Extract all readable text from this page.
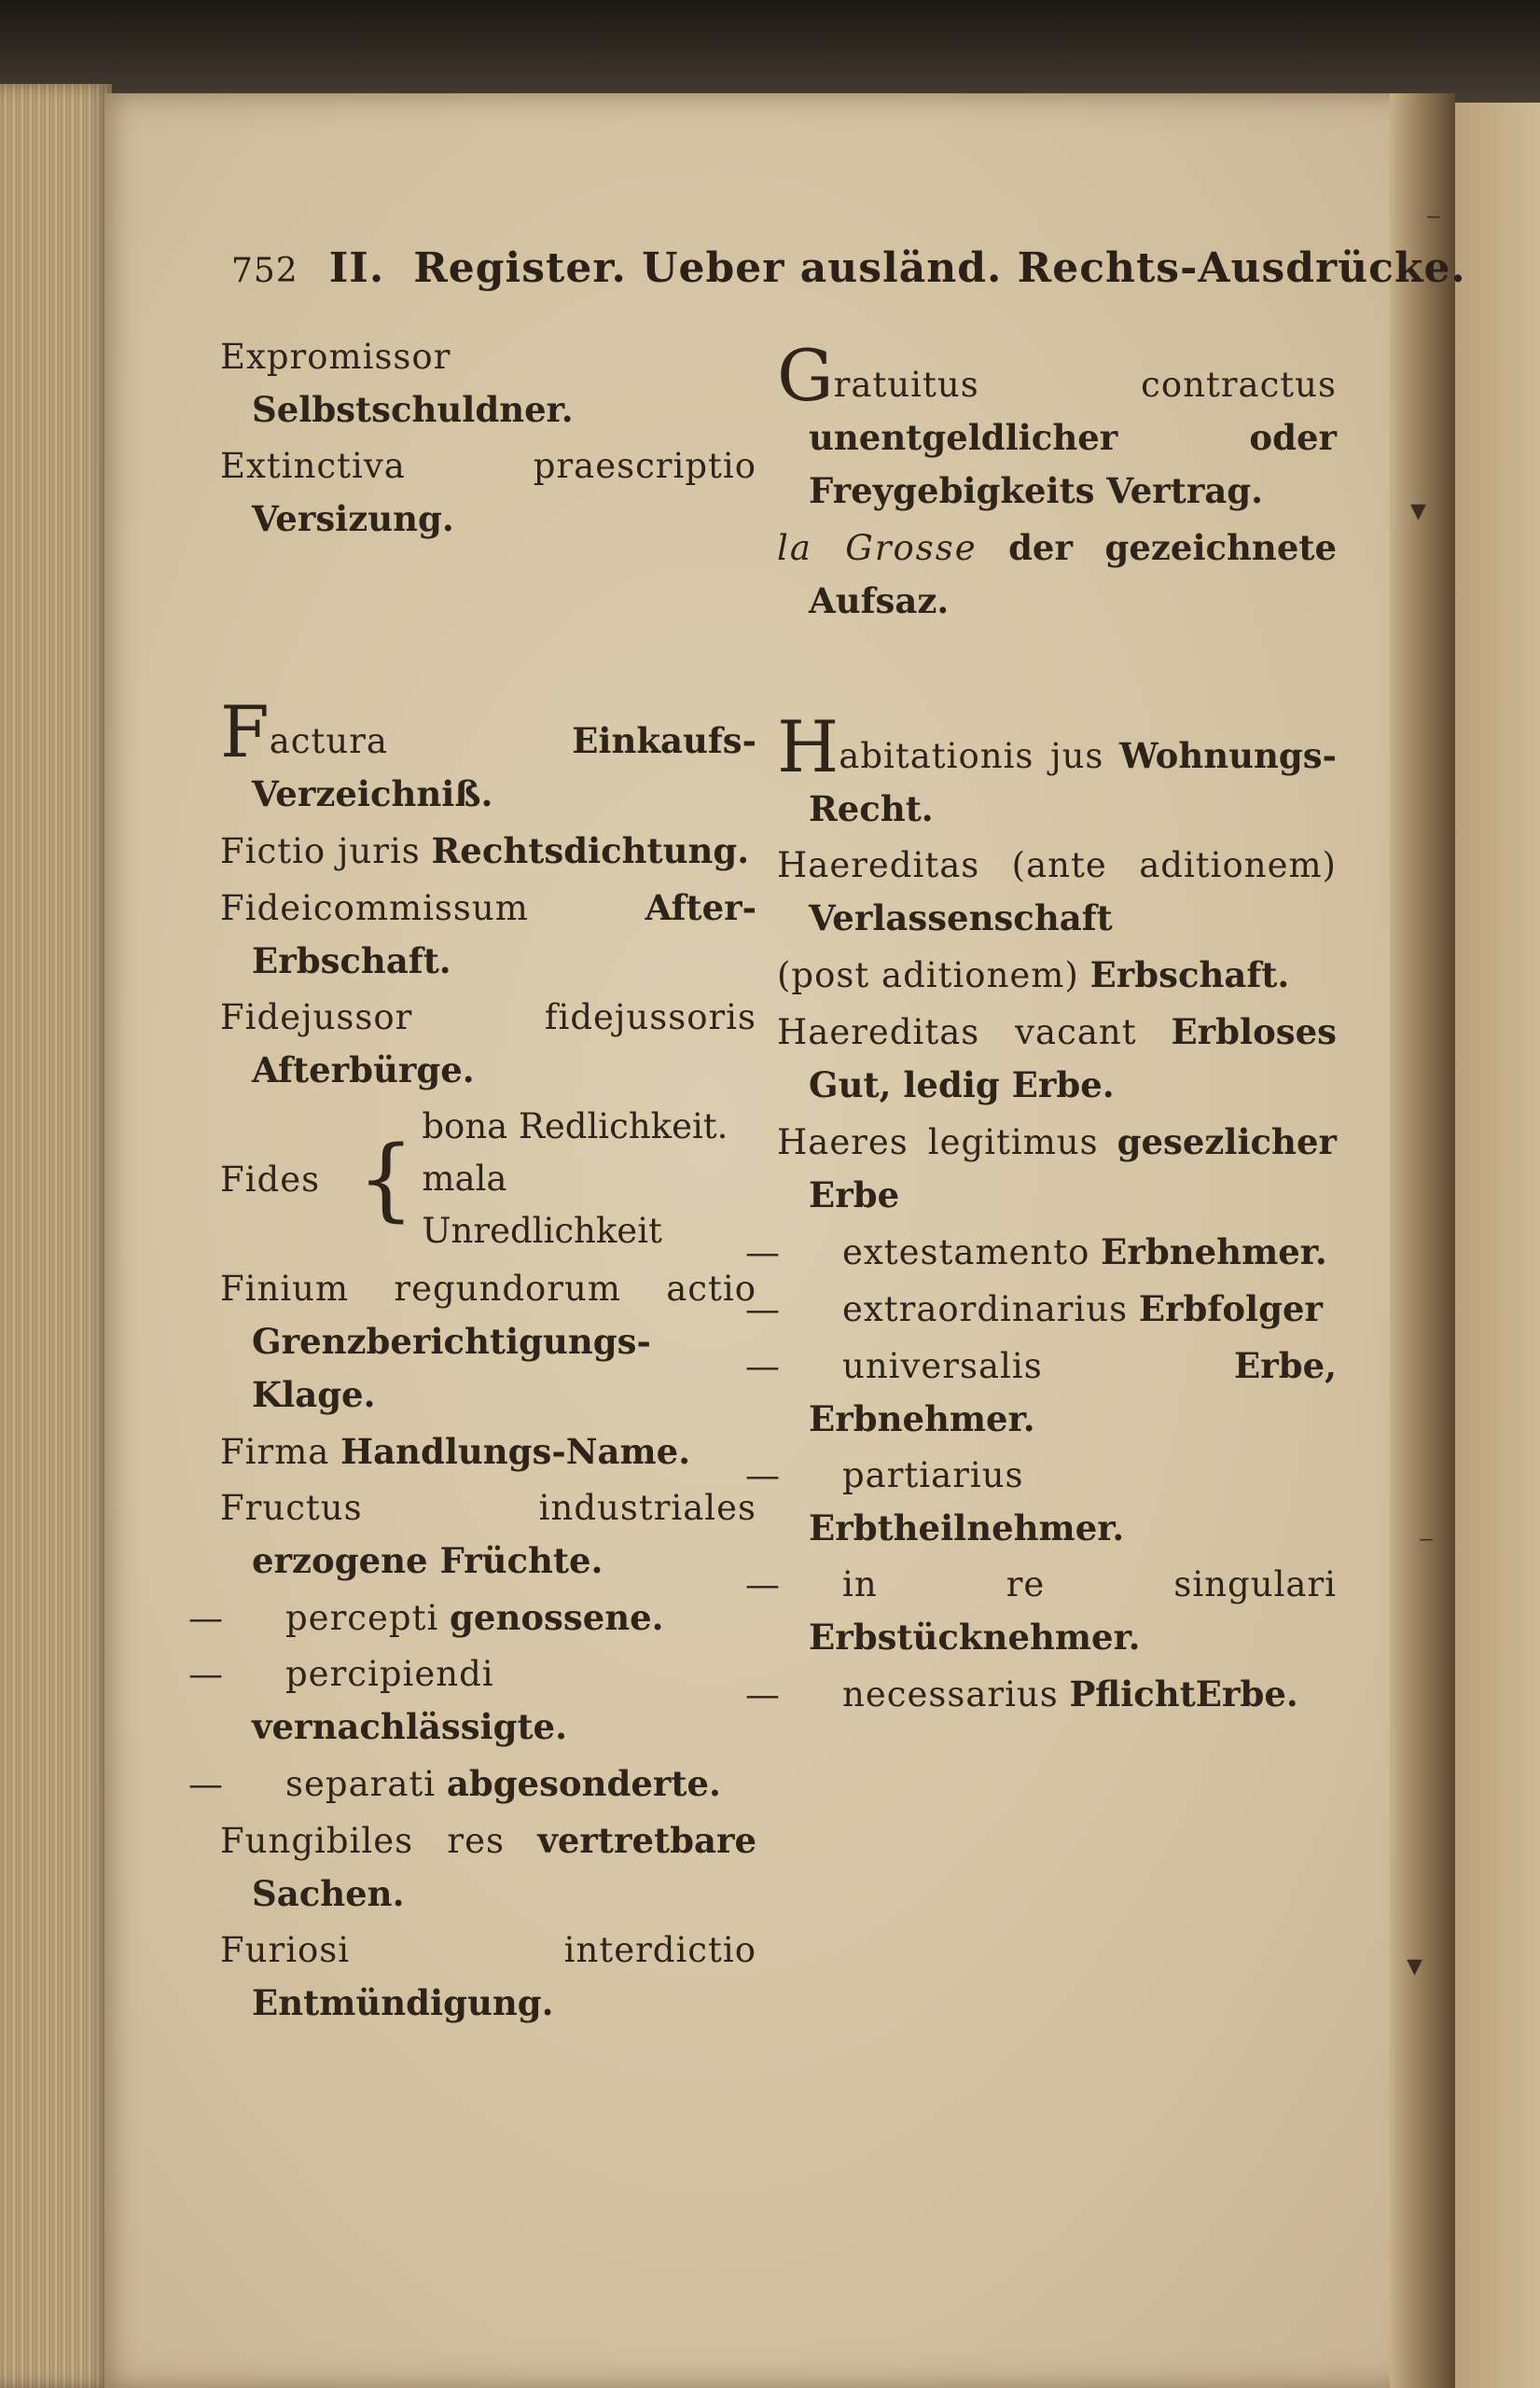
⁻
▾
⁻
▾
752 II. Register. Ueber ausländ. Rechts-Ausdrücke.

Expromissor Selbstschuldner.

Extinctiva praescriptio Versizung.

Factura	Einkaufs-Verzeichniß.

Fictio juris Rechtsdichtung.

Fideicommissum	After-Erbschaft.

Fidejussor fidejussoris Afterbürge.

Fides {
bona Redlichkeit.
mala Unredlichkeit

Finium regundorum actio Grenzberichtigungs-Klage.

Firma Handlungs-Name.

Fructus industriales erzogene Früchte.

— percepti genossene.

— percipiendi vernachlässigte.

— separati abgesonderte.

Fungibiles res vertretbare Sachen.

Furiosi interdictio Entmündigung.

Gratuitus contractus unentgeldlicher oder Freygebigkeits Vertrag.

la Grosse der gezeichnete Aufsaz.

Habitationis jus Wohnungs-Recht.

Haereditas (ante aditionem) Verlassenschaft

(post aditionem) Erbschaft.

Haereditas vacant Erbloses Gut, ledig Erbe.

Haeres legitimus gesezlicher Erbe

— extestamento Erbnehmer.

— extraordinarius Erbfolger

— universalis	Erbe, Erbnehmer.

— partiarius Erbtheilnehmer.

— in re singulari Erbstücknehmer.

— necessarius PflichtErbe.
